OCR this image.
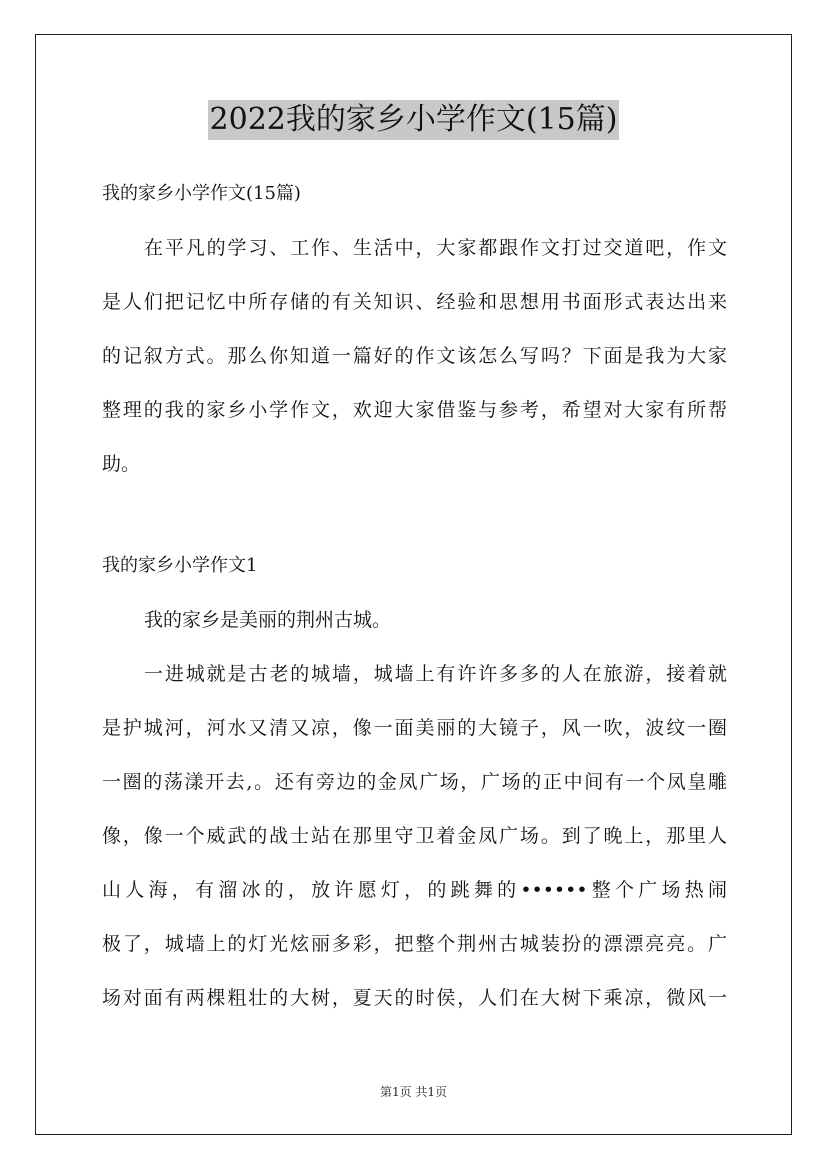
2022我的家乡小学作文(15篇)
我的家乡小学作文(15篇)
在平凡的学习、工作、生活中，大家都跟作文打过交道吧，作文
是人们把记忆中所存储的有关知识、经验和思想用书面形式表达出来
的记叙方式。那么你知道一篇好的作文该怎么写吗？下面是我为大家
整理的我的家乡小学作文，欢迎大家借鉴与参考，希望对大家有所帮
助。
我的家乡小学作文1
我的家乡是美丽的荆州古城。
一进城就是古老的城墙，城墙上有许许多多的人在旅游，接着就
是护城河，河水又清又凉，像一面美丽的大镜子，风一吹，波纹一圈
一圈的荡漾开去,。还有旁边的金凤广场，广场的正中间有一个凤皇雕
像，像一个威武的战士站在那里守卫着金凤广场。到了晚上，那里人
山人海，有溜冰的，放许愿灯，的跳舞的••••••整个广场热闹
极了，城墙上的灯光炫丽多彩，把整个荆州古城装扮的漂漂亮亮。广
场对面有两棵粗壮的大树，夏天的时侯，人们在大树下乘凉，微风一
第1页 共1页
